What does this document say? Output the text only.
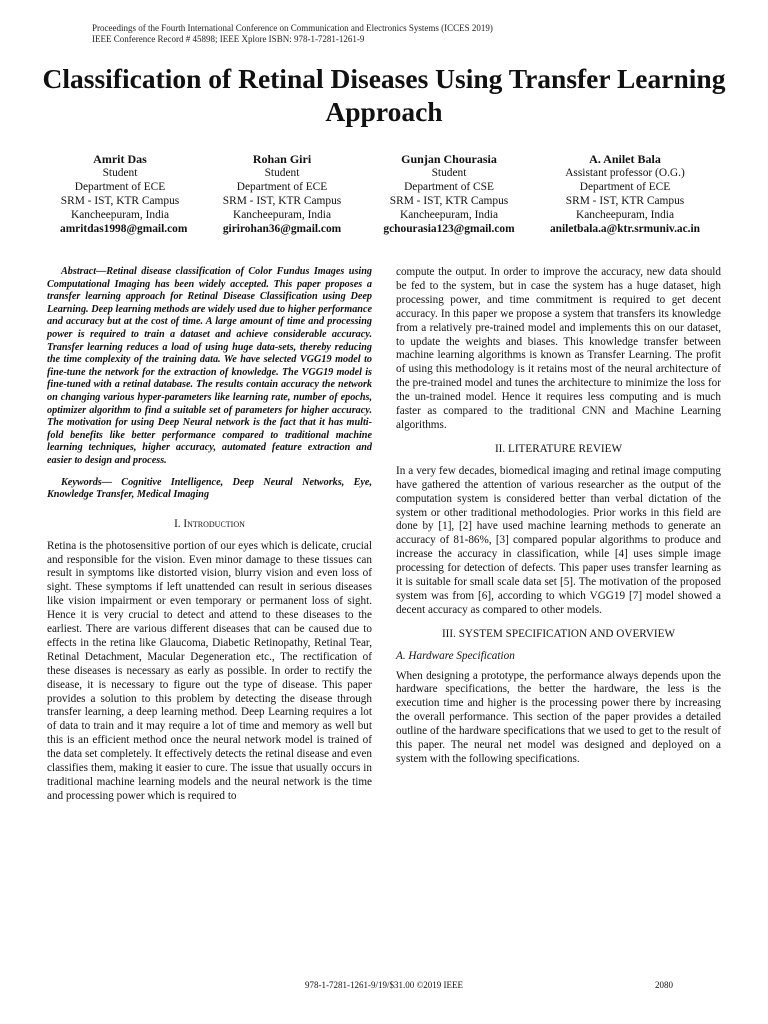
Proceedings of the Fourth International Conference on Communication and Electronics Systems (ICCES 2019)
IEEE Conference Record # 45898; IEEE Xplore ISBN: 978-1-7281-1261-9
Classification of Retinal Diseases Using Transfer Learning Approach
Amrit Das
Student
Department of ECE
SRM - IST, KTR Campus
Kancheepuram, India
amritdas1998@gmail.com
Rohan Giri
Student
Department of ECE
SRM - IST, KTR Campus
Kancheepuram, India
girirohan36@gmail.com
Gunjan Chourasia
Student
Department of CSE
SRM - IST, KTR Campus
Kancheepuram, India
gchourasia123@gmail.com
A. Anilet Bala
Assistant professor (O.G.)
Department of ECE
SRM - IST, KTR Campus
Kancheepuram, India
aniletbala.a@ktr.srmuniv.ac.in

Abstract—Retinal disease classification of Color Fundus Images using Computational Imaging has been widely accepted. This paper proposes a transfer learning approach for Retinal Disease Classification using Deep Learning. Deep learning methods are widely used due to higher performance and accuracy but at the cost of time. A large amount of time and processing power is required to train a dataset and achieve considerable accuracy. Transfer learning reduces a load of using huge data-sets, thereby reducing the time complexity of the training data. We have selected VGG19 model to fine-tune the network for the extraction of knowledge. The VGG19 model is fine-tuned with a retinal database. The results contain accuracy the network on changing various hyper-parameters like learning rate, number of epochs, optimizer algorithm to find a suitable set of parameters for higher accuracy. The motivation for using Deep Neural network is the fact that it has multi-fold benefits like better performance compared to traditional machine learning techniques, higher accuracy, automated feature extraction and easier to design and process.

Keywords— Cognitive Intelligence, Deep Neural Networks, Eye, Knowledge Transfer, Medical Imaging

I. Introduction

Retina is the photosensitive portion of our eyes which is delicate, crucial and responsible for the vision. Even minor damage to these tissues can result in symptoms like distorted vision, blurry vision and even loss of sight. These symptoms if left unattended can result in serious diseases like vision impairment or even temporary or permanent loss of sight. Hence it is very crucial to detect and attend to these diseases to the earliest. There are various different diseases that can be caused due to effects in the retina like Glaucoma, Diabetic Retinopathy, Retinal Tear, Retinal Detachment, Macular Degeneration etc., The rectification of these diseases is necessary as early as possible. In order to rectify the disease, it is necessary to figure out the type of disease. This paper provides a solution to this problem by detecting the disease through transfer learning, a deep learning method. Deep Learning requires a lot of data to train and it may require a lot of time and memory as well but this is an efficient method once the neural network model is trained of the data set completely. It effectively detects the retinal disease and even classifies them, making it easier to cure. The issue that usually occurs in traditional machine learning models and the neural network is the time and processing power which is required to

compute the output. In order to improve the accuracy, new data should be fed to the system, but in case the system has a huge dataset, high processing power, and time commitment is required to get decent accuracy. In this paper we propose a system that transfers its knowledge from a relatively pre-trained model and implements this on our dataset, to update the weights and biases. This knowledge transfer between machine learning algorithms is known as Transfer Learning. The profit of using this methodology is it retains most of the neural architecture of the pre-trained model and tunes the architecture to minimize the loss for the un-trained model. Hence it requires less computing and is much faster as compared to the traditional CNN and Machine Learning algorithms.

II. LITERATURE REVIEW

In a very few decades, biomedical imaging and retinal image computing have gathered the attention of various researcher as the output of the computation system is considered better than verbal dictation of the system or other traditional methodologies. Prior works in this field are done by [1], [2] have used machine learning methods to generate an accuracy of 81-86%, [3] compared popular algorithms to produce and increase the accuracy in classification, while [4] uses simple image processing for detection of defects. This paper uses transfer learning as it is suitable for small scale data set [5]. The motivation of the proposed system was from [6], according to which VGG19 [7] model showed a decent accuracy as compared to other models.

III. SYSTEM SPECIFICATION AND OVERVIEW

A. Hardware Specification

When designing a prototype, the performance always depends upon the hardware specifications, the better the hardware, the less is the execution time and higher is the processing power there by increasing the overall performance. This section of the paper provides a detailed outline of the hardware specifications that we used to get to the result of this paper. The neural net model was designed and deployed on a system with the following specifications.

978-1-7281-1261-9/19/$31.00 ©2019 IEEE	2080
